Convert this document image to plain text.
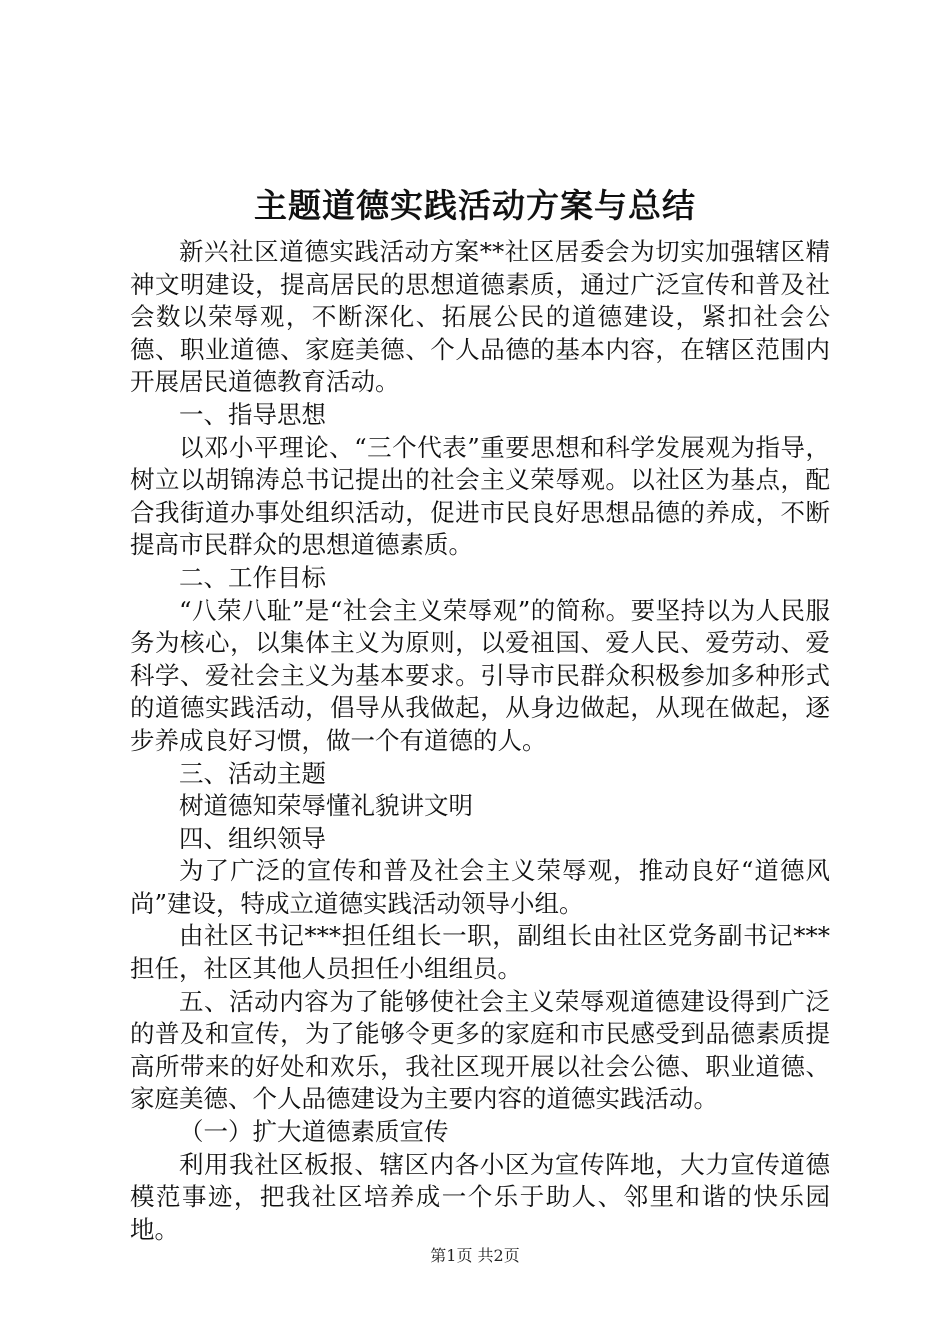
主题道德实践活动方案与总结

新兴社区道德实践活动方案**社区居委会为切实加强辖区精神文明建设，提高居民的思想道德素质，通过广泛宣传和普及社会数以荣辱观，不断深化、拓展公民的道德建设，紧扣社会公德、职业道德、家庭美德、个人品德的基本内容，在辖区范围内开展居民道德教育活动。

一、指导思想

以邓小平理论、“三个代表”重要思想和科学发展观为指导，树立以胡锦涛总书记提出的社会主义荣辱观。以社区为基点，配合我街道办事处组织活动，促进市民良好思想品德的养成，不断提高市民群众的思想道德素质。

二、工作目标

“八荣八耻”是“社会主义荣辱观”的简称。要坚持以为人民服务为核心，以集体主义为原则，以爱祖国、爱人民、爱劳动、爱科学、爱社会主义为基本要求。引导市民群众积极参加多种形式的道德实践活动，倡导从我做起，从身边做起，从现在做起，逐步养成良好习惯，做一个有道德的人。

三、活动主题

树道德知荣辱懂礼貌讲文明

四、组织领导

为了广泛的宣传和普及社会主义荣辱观，推动良好“道德风尚”建设，特成立道德实践活动领导小组。

由社区书记***担任组长一职，副组长由社区党务副书记***担任，社区其他人员担任小组组员。

五、活动内容为了能够使社会主义荣辱观道德建设得到广泛的普及和宣传，为了能够令更多的家庭和市民感受到品德素质提高所带来的好处和欢乐，我社区现开展以社会公德、职业道德、家庭美德、个人品德建设为主要内容的道德实践活动。

（一）扩大道德素质宣传

利用我社区板报、辖区内各小区为宣传阵地，大力宣传道德模范事迹，把我社区培养成一个乐于助人、邻里和谐的快乐园地。

第1页 共2页
